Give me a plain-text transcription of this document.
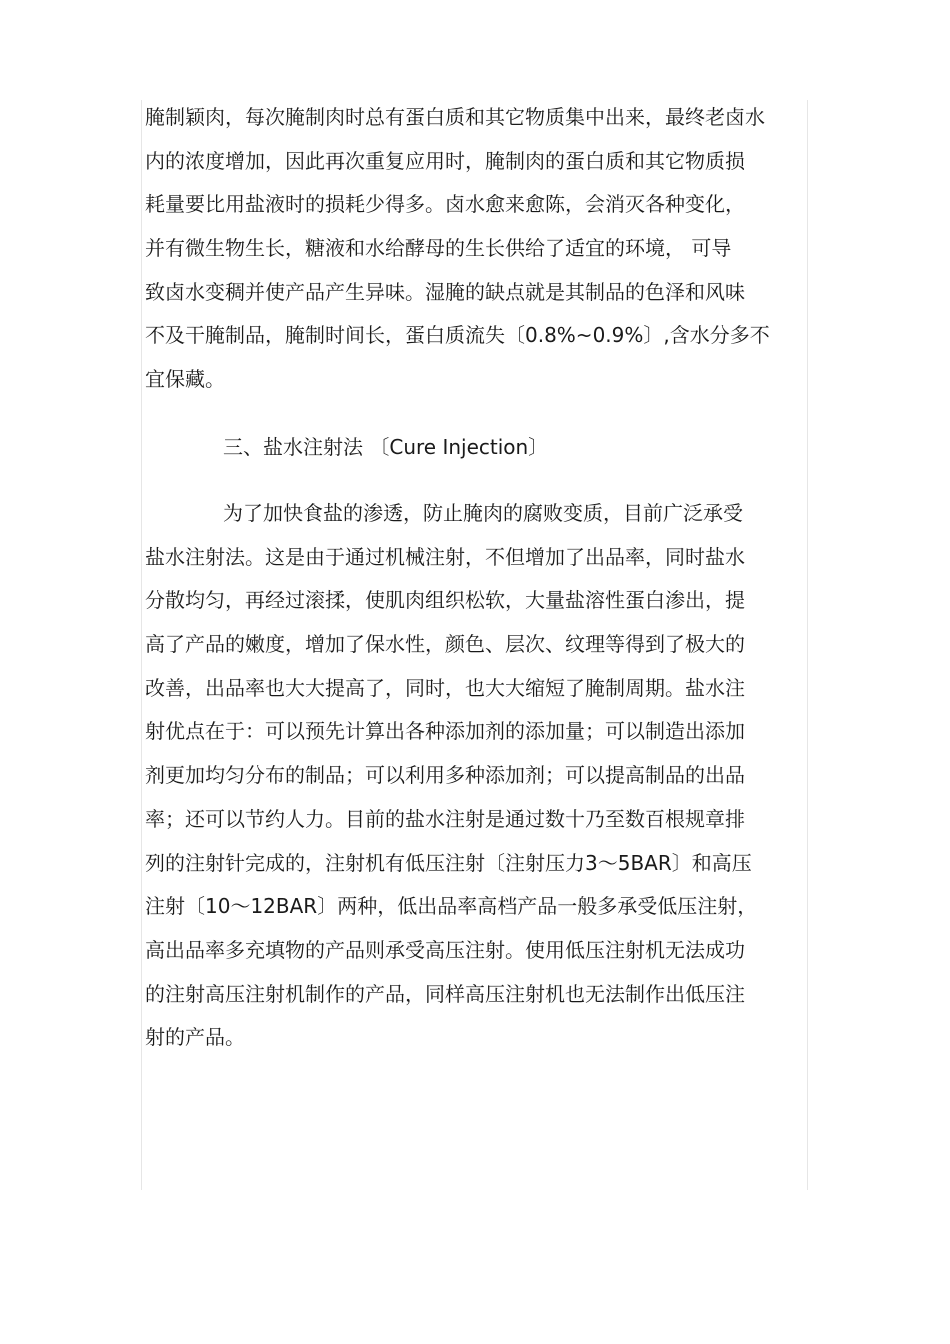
腌制颖肉，每次腌制肉时总有蛋白质和其它物质集中出来，最终老卤水
内的浓度增加，因此再次重复应用时，腌制肉的蛋白质和其它物质损
耗量要比用盐液时的损耗少得多。卤水愈来愈陈，会消灭各种变化，
并有微生物生长，糖液和水给酵母的生长供给了适宜的环境， 可导
致卤水变稠并使产品产生异味。湿腌的缺点就是其制品的色泽和风味
不及干腌制品，腌制时间长，蛋白质流失〔0.8%~0.9%〕,含水分多不
宜保藏。
三、盐水注射法 〔Cure Injection〕
为了加快食盐的渗透，防止腌肉的腐败变质，目前广泛承受
盐水注射法。这是由于通过机械注射，不但增加了出品率，同时盐水
分散均匀，再经过滚揉，使肌肉组织松软，大量盐溶性蛋白渗出，提
高了产品的嫩度，增加了保水性，颜色、层次、纹理等得到了极大的
改善，出品率也大大提高了，同时，也大大缩短了腌制周期。盐水注
射优点在于：可以预先计算出各种添加剂的添加量；可以制造出添加
剂更加均匀分布的制品；可以利用多种添加剂；可以提高制品的出品
率；还可以节约人力。目前的盐水注射是通过数十乃至数百根规章排
列的注射针完成的，注射机有低压注射〔注射压力3～5BAR〕和高压
注射〔10～12BAR〕两种，低出品率高档产品一般多承受低压注射，
高出品率多充填物的产品则承受高压注射。使用低压注射机无法成功
的注射高压注射机制作的产品，同样高压注射机也无法制作出低压注
射的产品。
